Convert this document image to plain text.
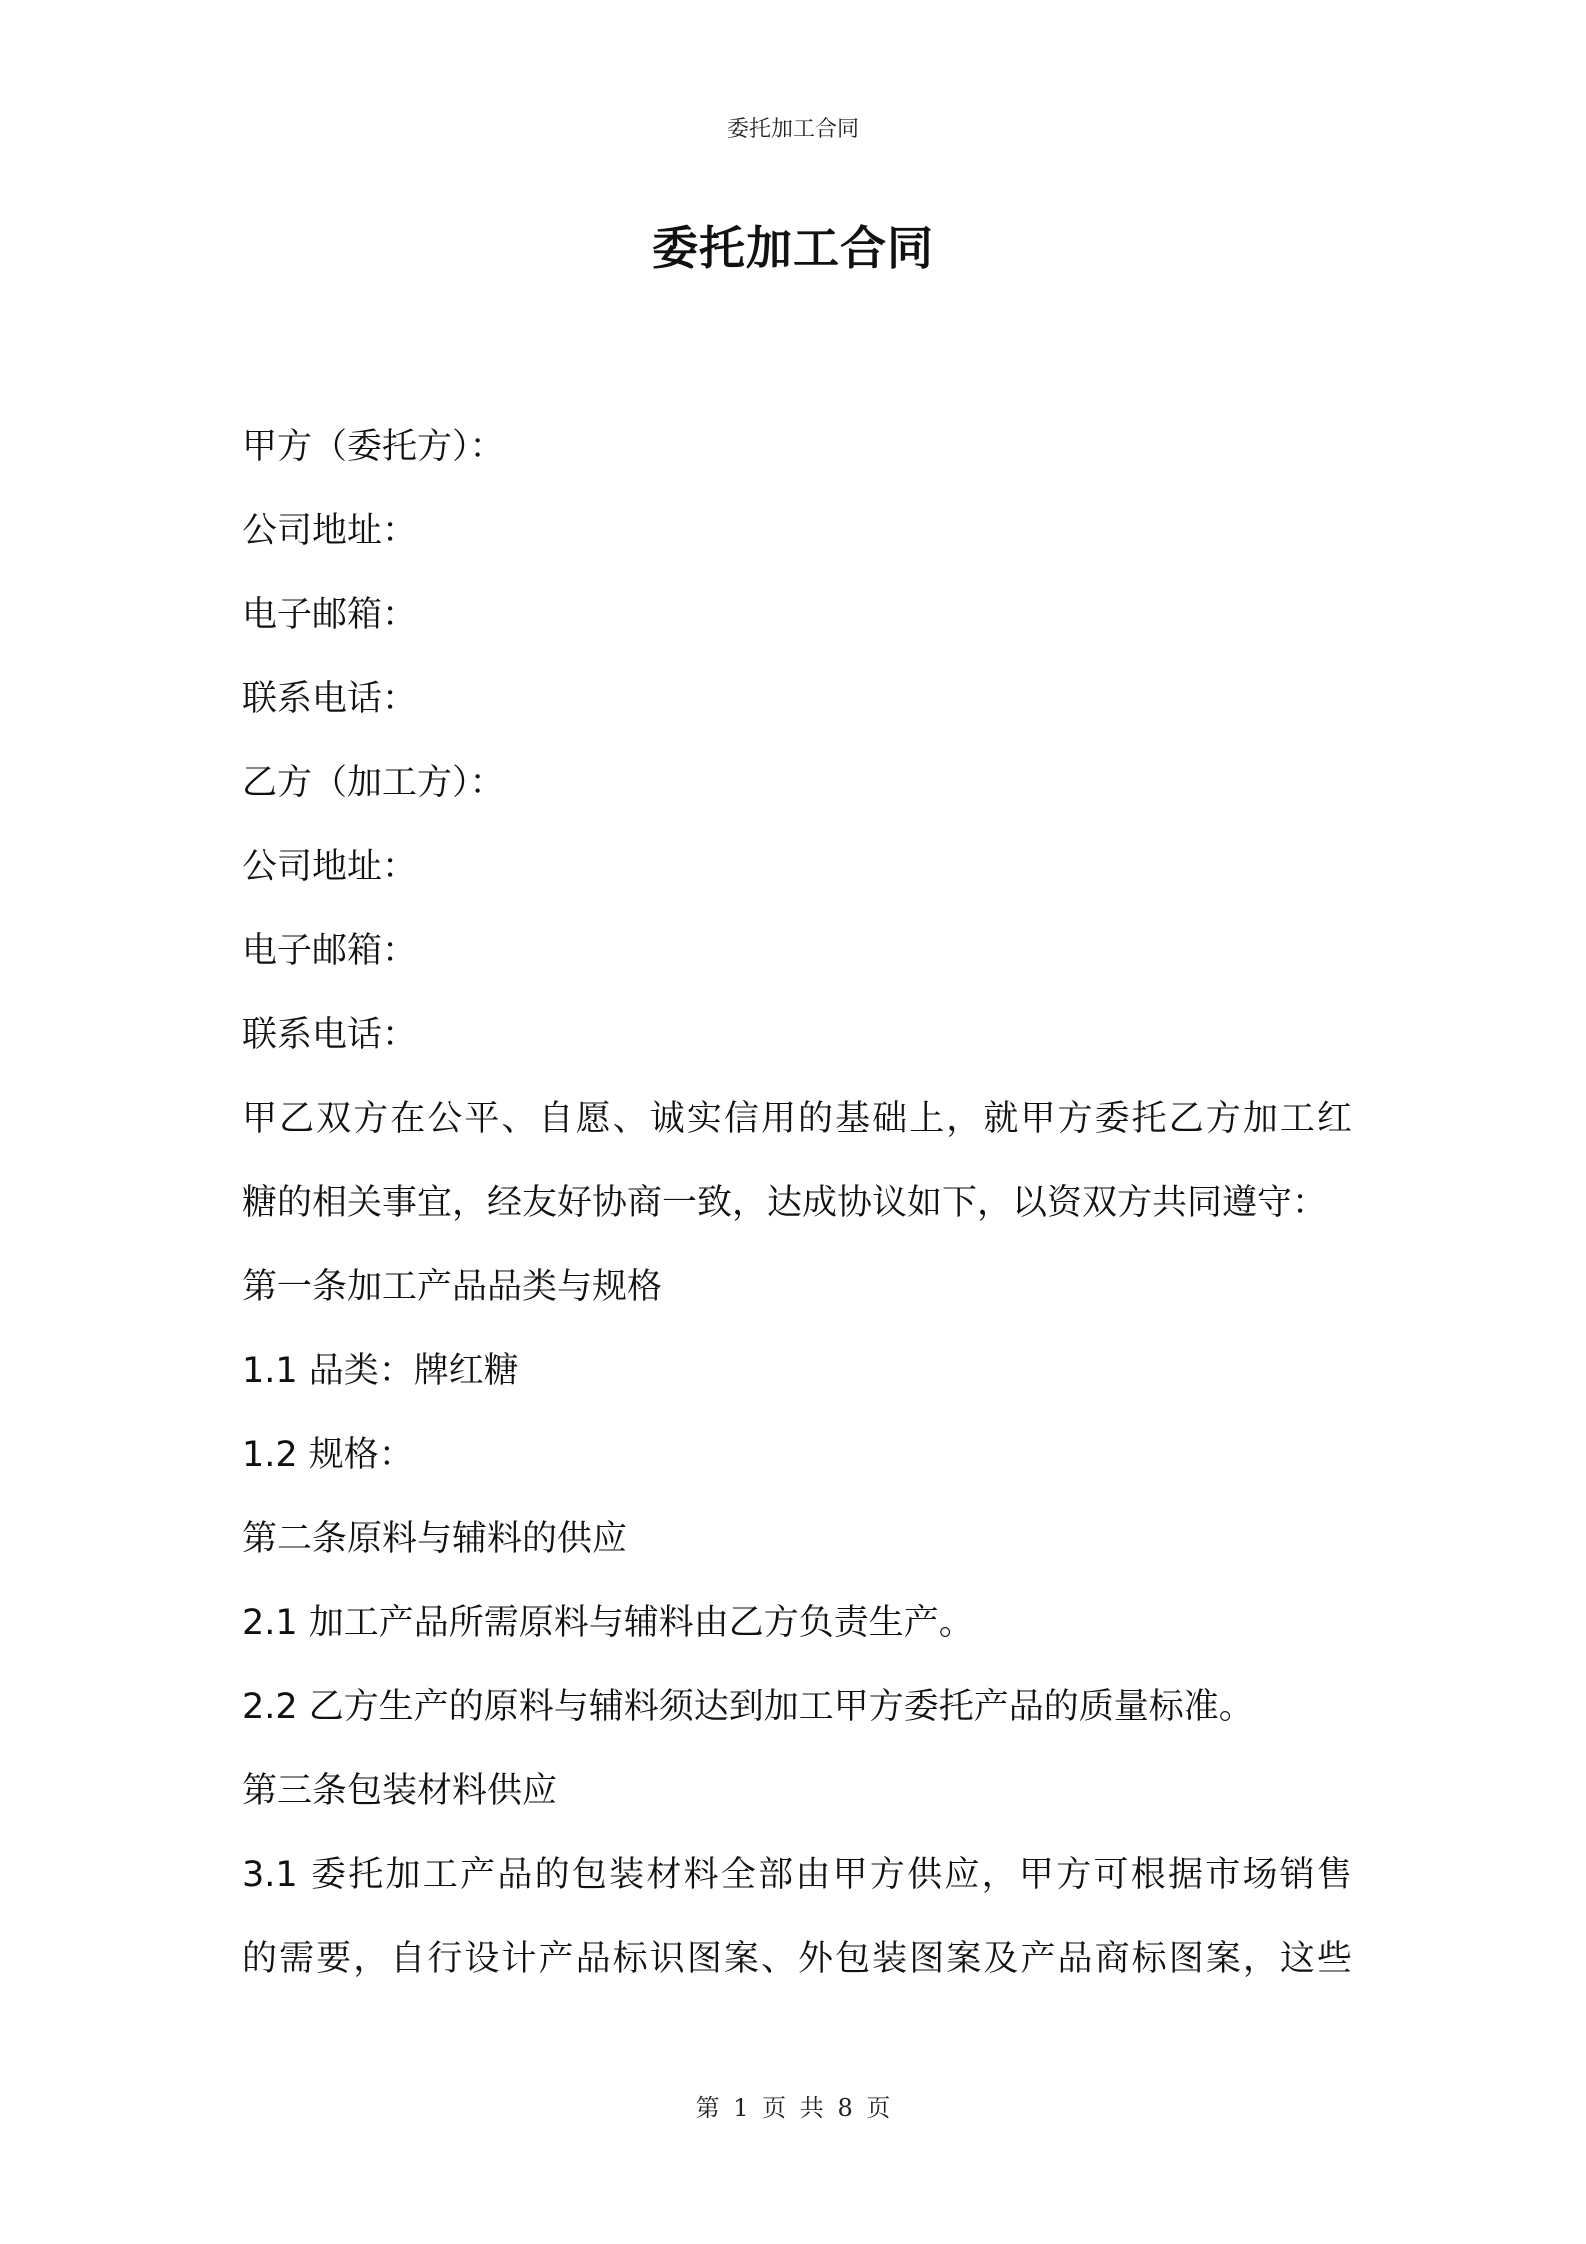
委托加工合同
委托加工合同
甲方（委托方）：
公司地址：
电子邮箱：
联系电话：
乙方（加工方）：
公司地址：
电子邮箱：
联系电话：
甲乙双方在公平、自愿、诚实信用的基础上，就甲方委托乙方加工红
糖的相关事宜，经友好协商一致，达成协议如下，以资双方共同遵守：
第一条加工产品品类与规格
1.1 品类：牌红糖
1.2 规格：
第二条原料与辅料的供应
2.1 加工产品所需原料与辅料由乙方负责生产。
2.2 乙方生产的原料与辅料须达到加工甲方委托产品的质量标准。
第三条包装材料供应
3.1 委托加工产品的包装材料全部由甲方供应，甲方可根据市场销售
的需要，自行设计产品标识图案、外包装图案及产品商标图案，这些
第 1 页 共 8 页
